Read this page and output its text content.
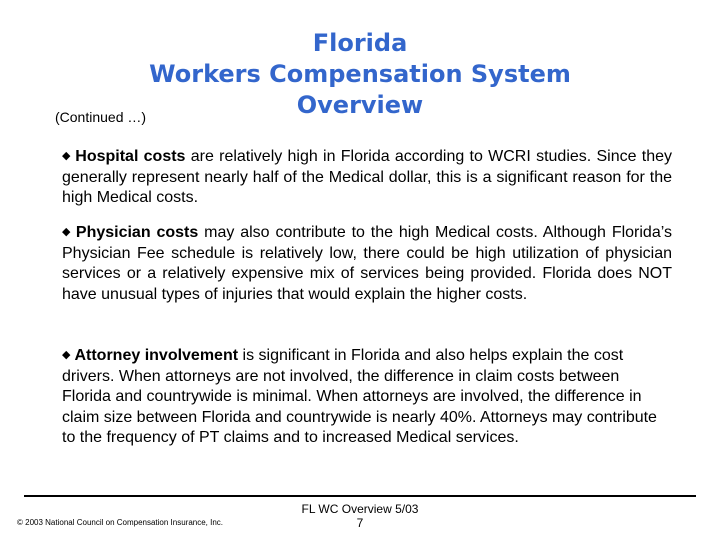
Florida
Workers Compensation System
Overview
(Continued …)
◆ Hospital costs are relatively high in Florida according to WCRI studies. Since they generally represent nearly half of the Medical dollar, this is a significant reason for the high Medical costs.
◆ Physician costs may also contribute to the high Medical costs. Although Florida’s Physician Fee schedule is relatively low, there could be high utilization of physician services or a relatively expensive mix of services being provided. Florida does NOT have unusual types of injuries that would explain the higher costs.
◆ Attorney involvement is significant in Florida and also helps explain the cost drivers. When attorneys are not involved, the difference in claim costs between Florida and countrywide is minimal. When attorneys are involved, the difference in claim size between Florida and countrywide is nearly 40%. Attorneys may contribute to the frequency of PT claims and to increased Medical services.
FL WC Overview 5/03
7
© 2003 National Council on Compensation Insurance, Inc.
